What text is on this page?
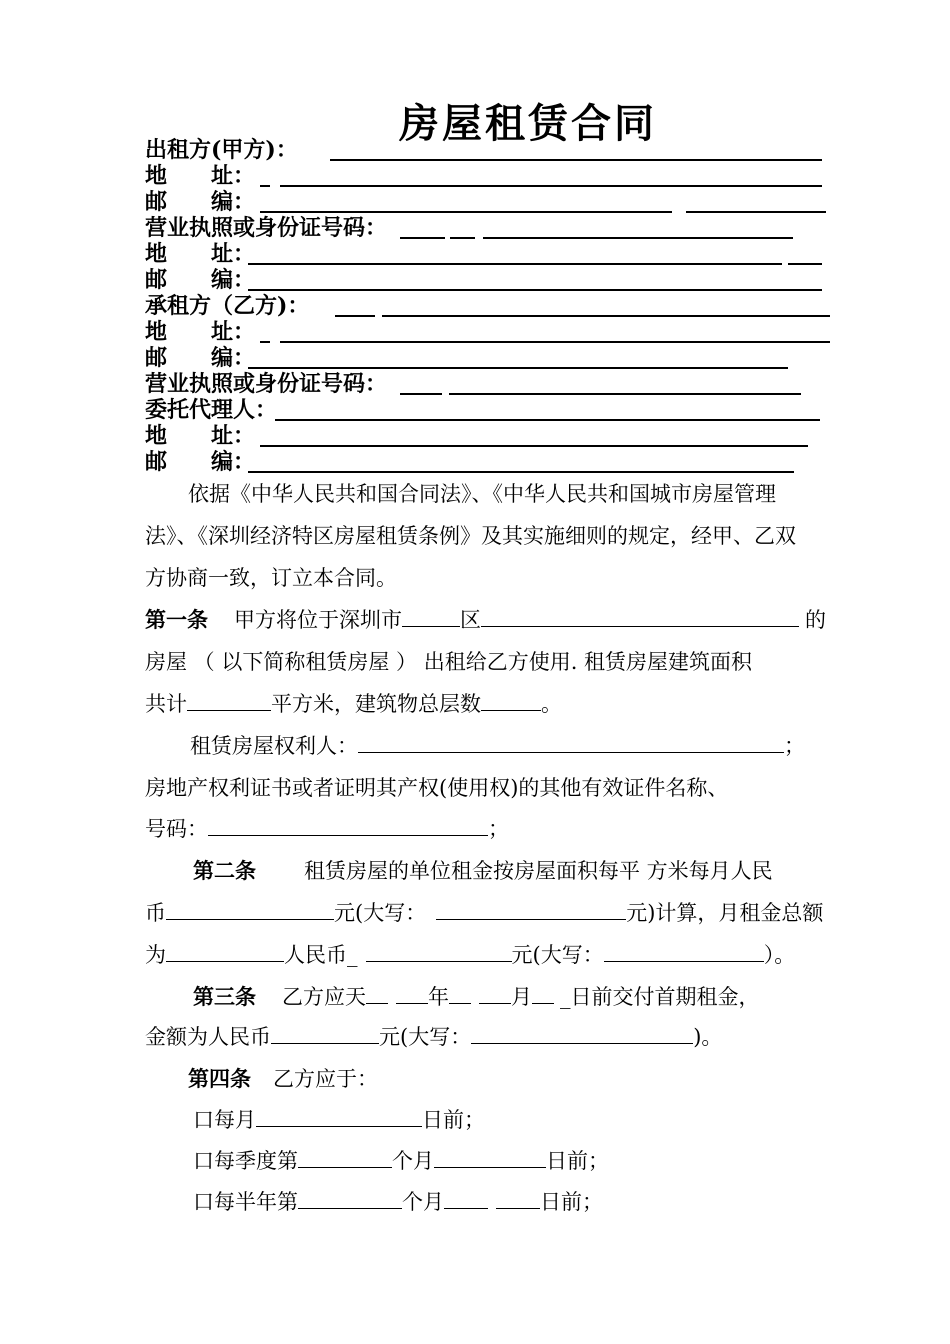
房屋租赁合同
出租方(甲方)：
地　　址：
邮　　编：
营业执照或身份证号码：
地　　址：
邮　　编：
承租方（乙方)：
地　　址：
邮　　编：
营业执照或身份证号码：
委托代理人：
地　　址：
邮　　编：
依据《中华人民共和国合同法》、《中华人民共和国城市房屋管理
法》、《深圳经济特区房屋租赁条例》及其实施细则的规定，经甲、乙双
方协商一致，订立本合同。
第一条 甲方将位于深圳市	区	的
房屋 （ 以下简称租赁房屋 ） 出租给乙方使用. 租赁房屋建筑面积
共计	平方米，建筑物总层数	。
租赁房屋权利人：	；
房地产权利证书或者证明其产权(使用权)的其他有效证件名称、
号码：	；
第二条 租赁房屋的单位租金按房屋面积每平 方米每月人民
币	元(大写：	元)计算，月租金总额
为	人民币_	元(大写：	）。
第三条 乙方应天	年	月 _日前交付首期租金，
金额为人民币	元(大写：	)。
第四条 乙方应于：
口每月	日前；
口每季度第	个月	日前；
口每半年第	个月	日前；
